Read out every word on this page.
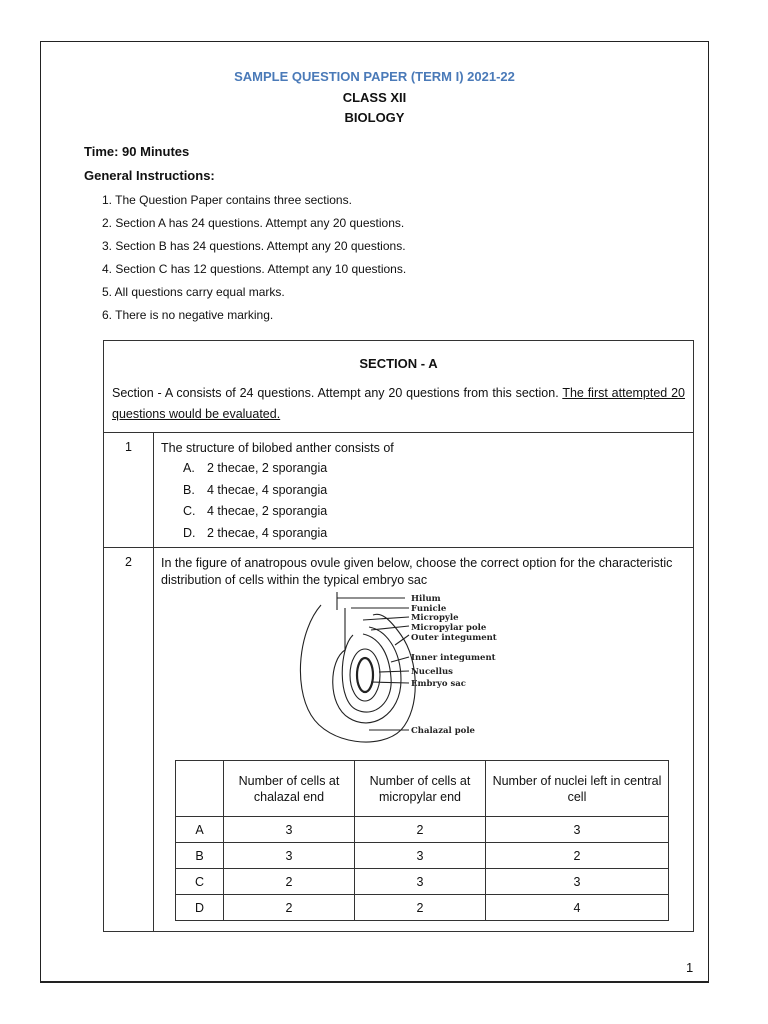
SAMPLE QUESTION PAPER (TERM I) 2021-22
CLASS XII
BIOLOGY
Time: 90 Minutes
General Instructions:
1. The Question Paper contains three sections.
2. Section A has 24 questions. Attempt any 20 questions.
3. Section B has 24 questions. Attempt any 20 questions.
4. Section C has 12 questions. Attempt any 10 questions.
5. All questions carry equal marks.
6. There is no negative marking.
SECTION - A
Section - A consists of 24 questions. Attempt any 20 questions from this section. The first attempted 20 questions would be evaluated.
1	The structure of bilobed anther consists of
A. 2 thecae, 2 sporangia
B. 4 thecae, 4 sporangia
C. 4 thecae, 2 sporangia
D. 2 thecae, 4 sporangia
2	In the figure of anatropous ovule given below, choose the correct option for the characteristic distribution of cells within the typical embryo sac
Hilum
Funicle
Micropyle
Micropylar pole
Outer integument
Inner integument
Nucellus
Embryo sac
Chalazal pole
	Number of cells at chalazal end	Number of cells at micropylar end	Number of nuclei left in central cell
A	3	2	3
B	3	3	2
C	2	3	3
D	2	2	4
1
